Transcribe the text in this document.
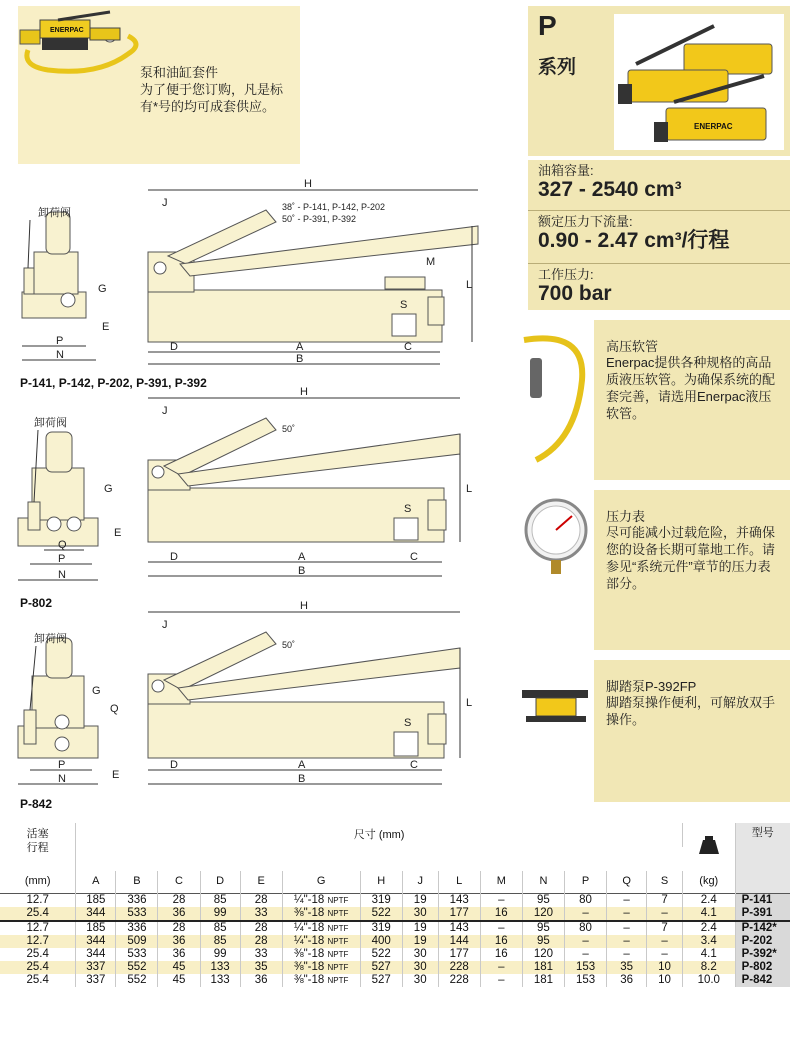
ENERPAC
泵和油缸套件
为了便于您订购，凡是标
有*号的均可成套供应。
P
系列
ENERPAC
油箱容量:
327 - 2540 cm³
额定压力下流量:
0.90 - 2.47 cm³/行程
工作压力:
700 bar
高压软管
Enerpac提供各种规格的高品质液压软管。为确保系统的配套完善，请选用Enerpac液压软管。
压力表
尽可能减小过载危险，并确保您的设备长期可靠地工作。请参见“系统元件”章节的压力表部分。
脚踏泵P-392FP
脚踏泵操作便利，可解放双手操作。
卸荷阀
G
E
P
N
H
J	38˚ - P-141, P-142, P-202
50˚ - P-391, P-392
M
L
S
D	A	C
B
P-141, P-142, P-202, P-391, P-392
卸荷阀
G
E
Q
P
N
H
J
50˚
L
S
D	A	C
B
P-802
卸荷阀
G
Q
E
P
N
H
J
50˚
L
S
D	A	C
B
P-842
活塞
行程	尺寸 (mm)															型号

(mm)	A	B	C	D	E	G	H	J	L	M	N	P	Q	S	(kg)	
12.7	185	336	28	85	28	¼"-18 NPTF	319	19	143	–	95	80	–	7	2.4	P-141
25.4	344	533	36	99	33	⅜"-18 NPTF	522	30	177	16	120	–	–	–	4.1	P-391
12.7	185	336	28	85	28	¼"-18 NPTF	319	19	143	–	95	80	–	7	2.4	P-142*
12.7	344	509	36	85	28	¼"-18 NPTF	400	19	144	16	95	–	–	–	3.4	P-202
25.4	344	533	36	99	33	⅜"-18 NPTF	522	30	177	16	120	–	–	–	4.1	P-392*
25.4	337	552	45	133	35	⅜"-18 NPTF	527	30	228	–	181	153	35	10	8.2	P-802
25.4	337	552	45	133	36	⅜"-18 NPTF	527	30	228	–	181	153	36	10	10.0	P-842
